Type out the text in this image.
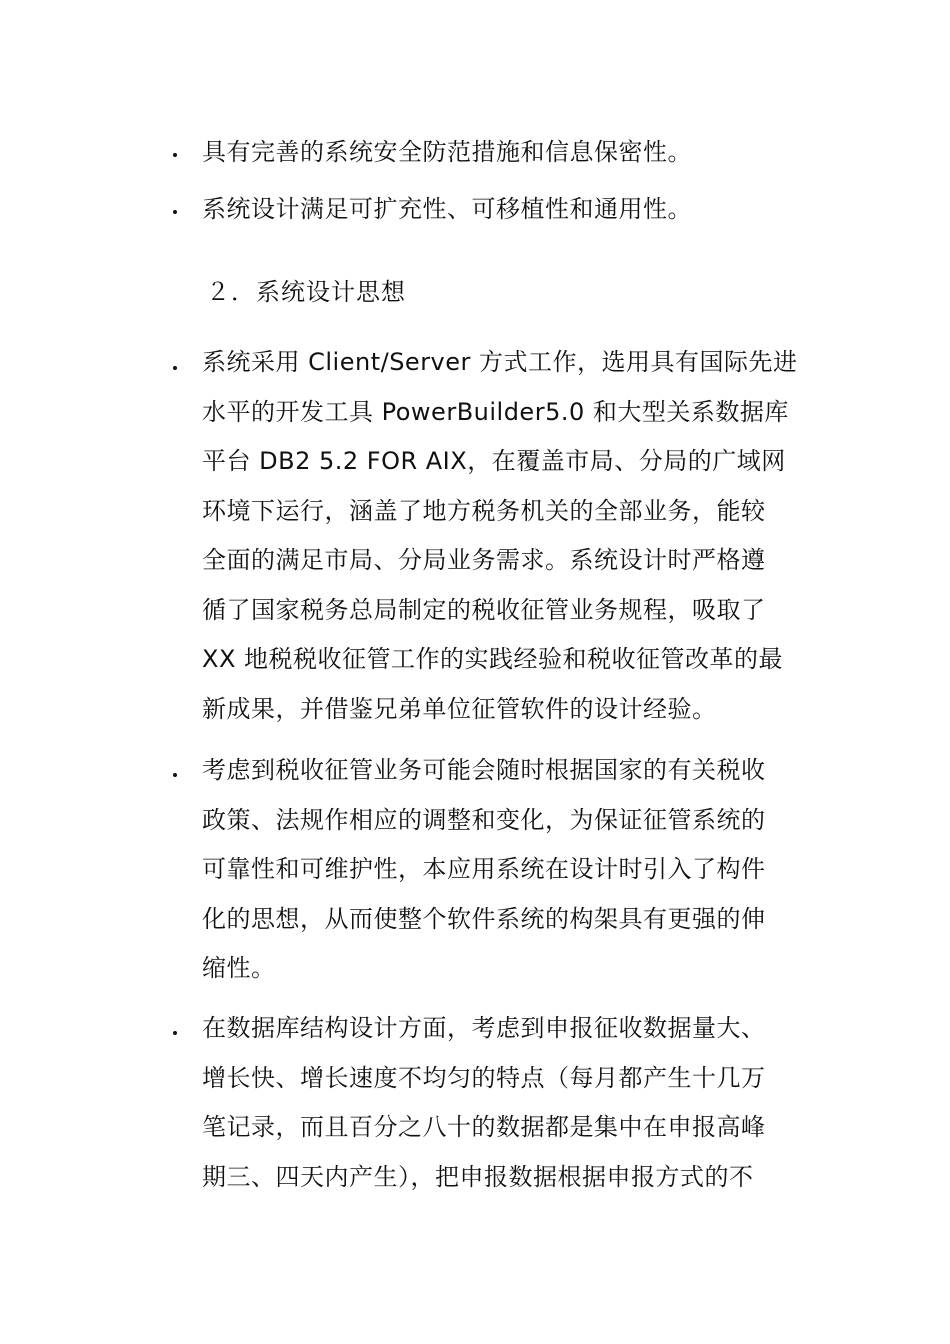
具有完善的系统安全防范措施和信息保密性。
系统设计满足可扩充性、可移植性和通用性。
２．系统设计思想
系统采用 Client/Server 方式工作，选用具有国际先进
水平的开发工具 PowerBuilder5.0 和大型关系数据库
平台 DB2 5.2 FOR AIX，在覆盖市局、分局的广域网
环境下运行，涵盖了地方税务机关的全部业务，能较
全面的满足市局、分局业务需求。系统设计时严格遵
循了国家税务总局制定的税收征管业务规程，吸取了
XX 地税税收征管工作的实践经验和税收征管改革的最
新成果，并借鉴兄弟单位征管软件的设计经验。
考虑到税收征管业务可能会随时根据国家的有关税收
政策、法规作相应的调整和变化，为保证征管系统的
可靠性和可维护性，本应用系统在设计时引入了构件
化的思想，从而使整个软件系统的构架具有更强的伸
缩性。
在数据库结构设计方面，考虑到申报征收数据量大、
增长快、增长速度不均匀的特点（每月都产生十几万
笔记录，而且百分之八十的数据都是集中在申报高峰
期三、四天内产生），把申报数据根据申报方式的不
